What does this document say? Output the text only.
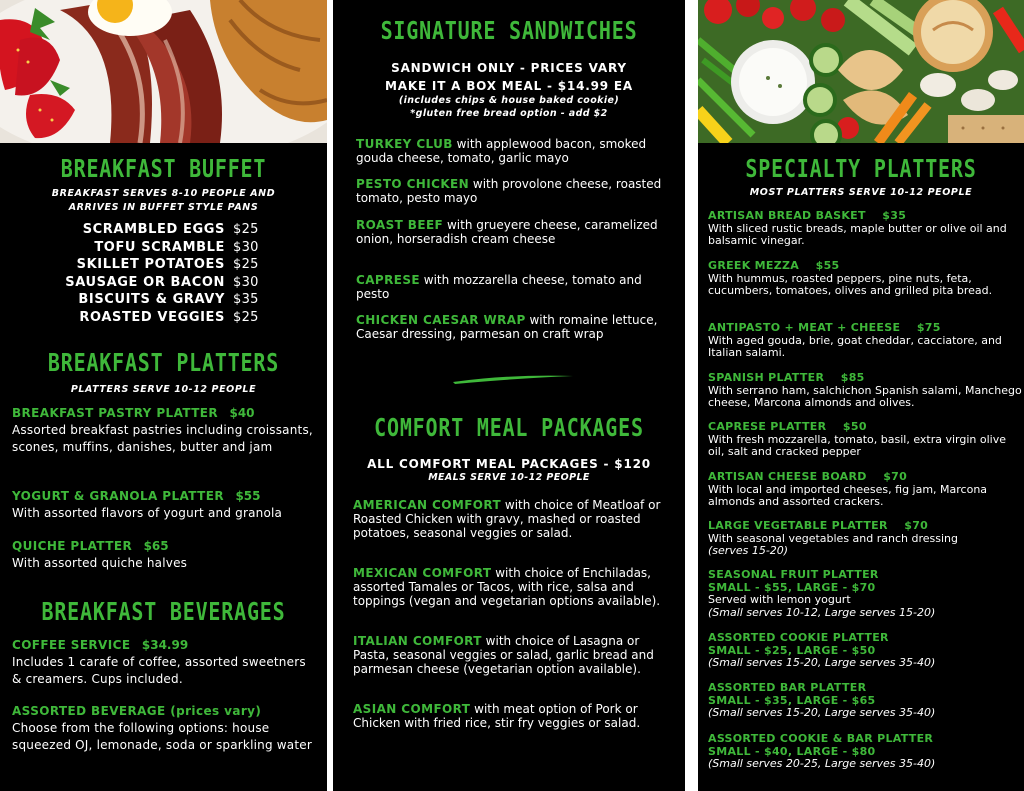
BREAKFAST BUFFET
BREAKFAST SERVES 8-10 PEOPLE AND ARRIVES IN BUFFET STYLE PANS
SCRAMBLED EGGS $25
TOFU SCRAMBLE $30
SKILLET POTATOES $25
SAUSAGE OR BACON $30
BISCUITS & GRAVY $35
ROASTED VEGGIES $25
BREAKFAST PLATTERS
PLATTERS SERVE 10-12 PEOPLE
BREAKFAST PASTRY PLATTER $40
Assorted breakfast pastries including croissants, scones, muffins, danishes, butter and jam
YOGURT & GRANOLA PLATTER $55
With assorted flavors of yogurt and granola
QUICHE PLATTER $65
With assorted quiche halves
BREAKFAST BEVERAGES
COFFEE SERVICE $34.99
Includes 1 carafe of coffee, assorted sweetners & creamers. Cups included.
ASSORTED BEVERAGE (prices vary)
Choose from the following options: house squeezed OJ, lemonade, soda or sparkling water
SIGNATURE SANDWICHES
SANDWICH ONLY - PRICES VARY
MAKE IT A BOX MEAL - $14.99 EA
(includes chips & house baked cookie)
*gluten free bread option - add $2
TURKEY CLUB with applewood bacon, smoked gouda cheese, tomato, garlic mayo
PESTO CHICKEN with provolone cheese, roasted tomato, pesto mayo
ROAST BEEF with grueyere cheese, caramelized onion, horseradish cream cheese
CAPRESE with mozzarella cheese, tomato and pesto
CHICKEN CAESAR WRAP with romaine lettuce, Caesar dressing, parmesan on craft wrap
COMFORT MEAL PACKAGES
ALL COMFORT MEAL PACKAGES - $120
MEALS SERVE 10-12 PEOPLE
AMERICAN COMFORT with choice of Meatloaf or Roasted Chicken with gravy, mashed or roasted potatoes, seasonal veggies or salad.
MEXICAN COMFORT with choice of Enchiladas, assorted Tamales or Tacos, with rice, salsa and toppings (vegan and vegetarian options available).
ITALIAN COMFORT with choice of Lasagna or Pasta, seasonal veggies or salad, garlic bread and parmesan cheese (vegetarian option available).
ASIAN COMFORT with meat option of Pork or Chicken with fried rice, stir fry veggies or salad.
SPECIALTY PLATTERS
MOST PLATTERS SERVE 10-12 PEOPLE
ARTISAN BREAD BASKET $35
With sliced rustic breads, maple butter or olive oil and balsamic vinegar.
GREEK MEZZA $55
With hummus, roasted peppers, pine nuts, feta, cucumbers, tomatoes, olives and grilled pita bread.
ANTIPASTO + MEAT + CHEESE $75
With aged gouda, brie, goat cheddar, cacciatore, and Italian salami.
SPANISH PLATTER $85
With serrano ham, salchichon Spanish salami, Manchego cheese, Marcona almonds and olives.
CAPRESE PLATTER $50
With fresh mozzarella, tomato, basil, extra virgin olive oil, salt and cracked pepper
ARTISAN CHEESE BOARD $70
With local and imported cheeses, fig jam, Marcona almonds and assorted crackers.
LARGE VEGETABLE PLATTER $70
With seasonal vegetables and ranch dressing
(serves 15-20)
SEASONAL FRUIT PLATTER
SMALL - $55, LARGE - $70
Served with lemon yogurt
(Small serves 10-12, Large serves 15-20)
ASSORTED COOKIE PLATTER
SMALL - $25, LARGE - $50
(Small serves 15-20, Large serves 35-40)
ASSORTED BAR PLATTER
SMALL - $35, LARGE - $65
(Small serves 15-20, Large serves 35-40)
ASSORTED COOKIE & BAR PLATTER
SMALL - $40, LARGE - $80
(Small serves 20-25, Large serves 35-40)
